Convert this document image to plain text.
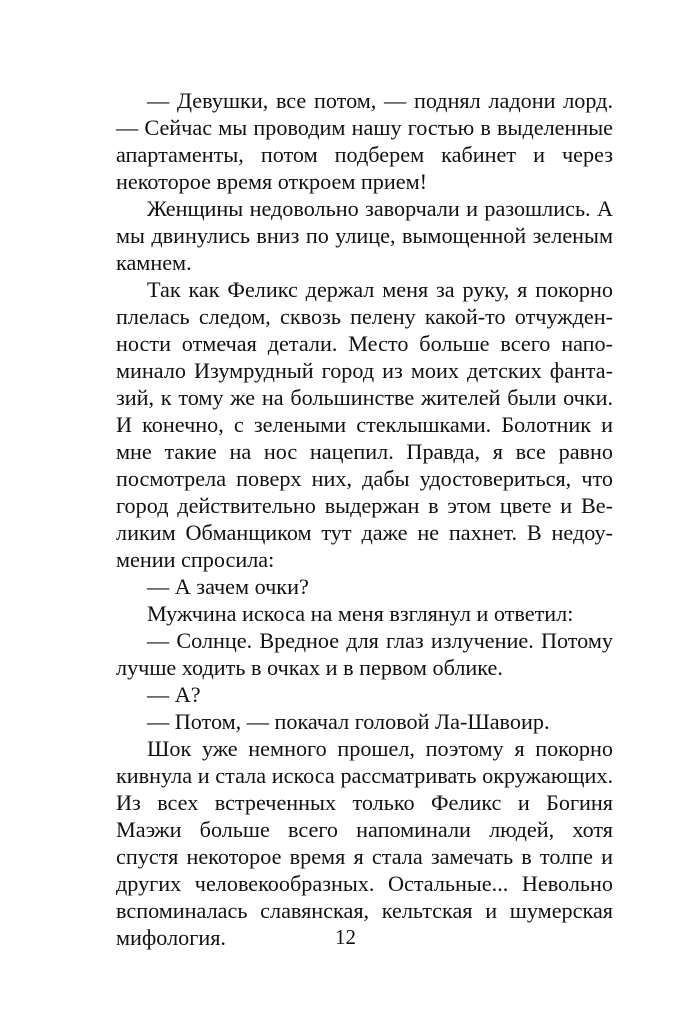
— Девушки, все потом, — поднял ладони лорд. — Сейчас мы проводим нашу гостью в выделенные апартаменты, потом подберем кабинет и через некоторое время откроем прием!

Женщины недовольно заворчали и разошлись. А мы двинулись вниз по улице, вымощенной зеленым камнем.

Так как Феликс держал меня за руку, я покорно плелась следом, сквозь пелену какой-то отчужденности отмечая детали. Место больше всего напоминало Изумрудный город из моих детских фантазий, к тому же на большинстве жителей были очки. И конечно, с зелеными стеклышками. Болотник и мне такие на нос нацепил. Правда, я все равно посмотрела поверх них, дабы удостовериться, что город действительно выдержан в этом цвете и Великим Обманщиком тут даже не пахнет. В недоумении спросила:

— А зачем очки?

Мужчина искоса на меня взглянул и ответил:

— Солнце. Вредное для глаз излучение. Потому лучше ходить в очках и в первом облике.

— А?

— Потом, — покачал головой Ла-Шавоир.

Шок уже немного прошел, поэтому я покорно кивнула и стала искоса рассматривать окружающих. Из всех встреченных только Феликс и Богиня Маэжи больше всего напоминали людей, хотя спустя некоторое время я стала замечать в толпе и других человекообразных. Остальные... Невольно вспоминалась славянская, кельтская и шумерская мифология.	12
